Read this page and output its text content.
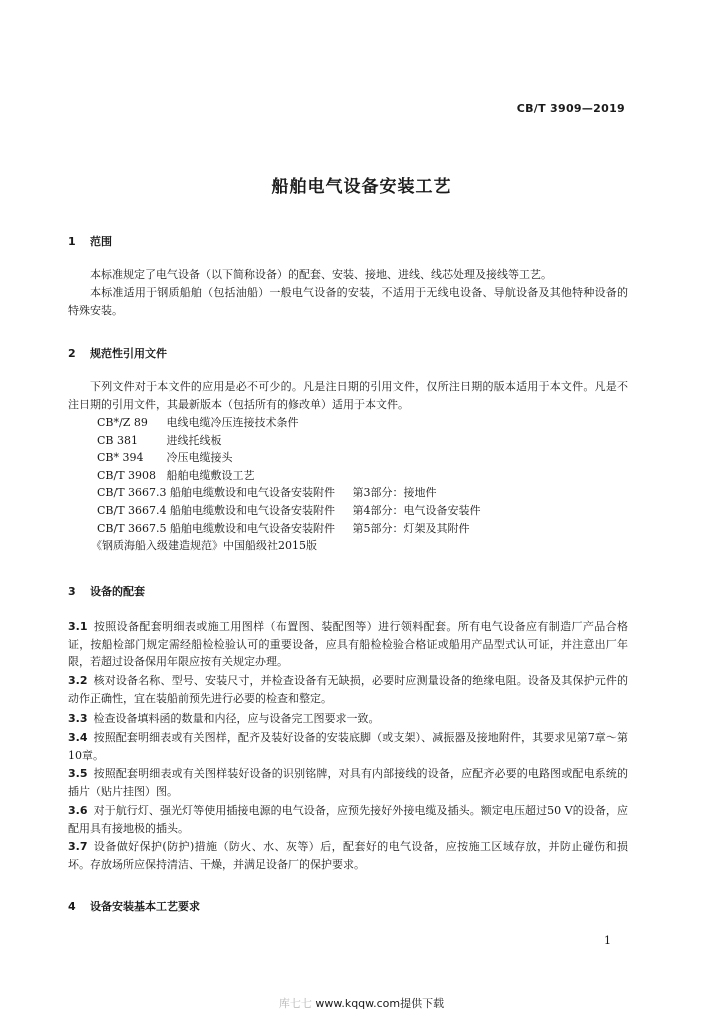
CB/T 3909—2019
船舶电气设备安装工艺
1 范围
本标准规定了电气设备（以下简称设备）的配套、安装、接地、进线、线芯处理及接线等工艺。
本标准适用于钢质船舶（包括油船）一般电气设备的安装，不适用于无线电设备、导航设备及其他特种设备的特殊安装。
2 规范性引用文件
下列文件对于本文件的应用是必不可少的。凡是注日期的引用文件，仅所注日期的版本适用于本文件。凡是不注日期的引用文件，其最新版本（包括所有的修改单）适用于本文件。
CB*/Z 89 电线电缆冷压连接技术条件
CB 381	进线托线板
CB* 394 冷压电缆接头
CB/T 3908 船舶电缆敷设工艺
CB/T 3667.3 船舶电缆敷设和电气设备安装附件 第3部分：接地件
CB/T 3667.4 船舶电缆敷设和电气设备安装附件 第4部分：电气设备安装件
CB/T 3667.5 船舶电缆敷设和电气设备安装附件 第5部分：灯架及其附件
《钢质海船入级建造规范》中国船级社2015版
3 设备的配套
3.1 按照设备配套明细表或施工用图样（布置图、装配图等）进行领料配套。所有电气设备应有制造厂产品合格证，按船检部门规定需经船检检验认可的重要设备，应具有船检检验合格证或船用产品型式认可证，并注意出厂年限，若超过设备保用年限应按有关规定办理。
3.2 核对设备名称、型号、安装尺寸，并检查设备有无缺损，必要时应测量设备的绝缘电阻。设备及其保护元件的动作正确性，宜在装船前预先进行必要的检查和整定。
3.3 检查设备填料函的数量和内径，应与设备完工图要求一致。
3.4 按照配套明细表或有关图样，配齐及装好设备的安装底脚（或支架）、减振器及接地附件，其要求见第7章～第10章。
3.5 按照配套明细表或有关图样装好设备的识别铭牌，对具有内部接线的设备，应配齐必要的电路图或配电系统的插片（贴片挂图）图。
3.6 对于航行灯、强光灯等使用插接电源的电气设备，应预先接好外接电缆及插头。额定电压超过50 V的设备，应配用具有接地极的插头。
3.7 设备做好保护(防护)措施（防火、水、灰等）后，配套好的电气设备，应按施工区域存放，并防止碰伤和损坏。存放场所应保持清洁、干燥，并满足设备厂的保护要求。
4 设备安装基本工艺要求
1
库七七 www.kqqw.com提供下载
